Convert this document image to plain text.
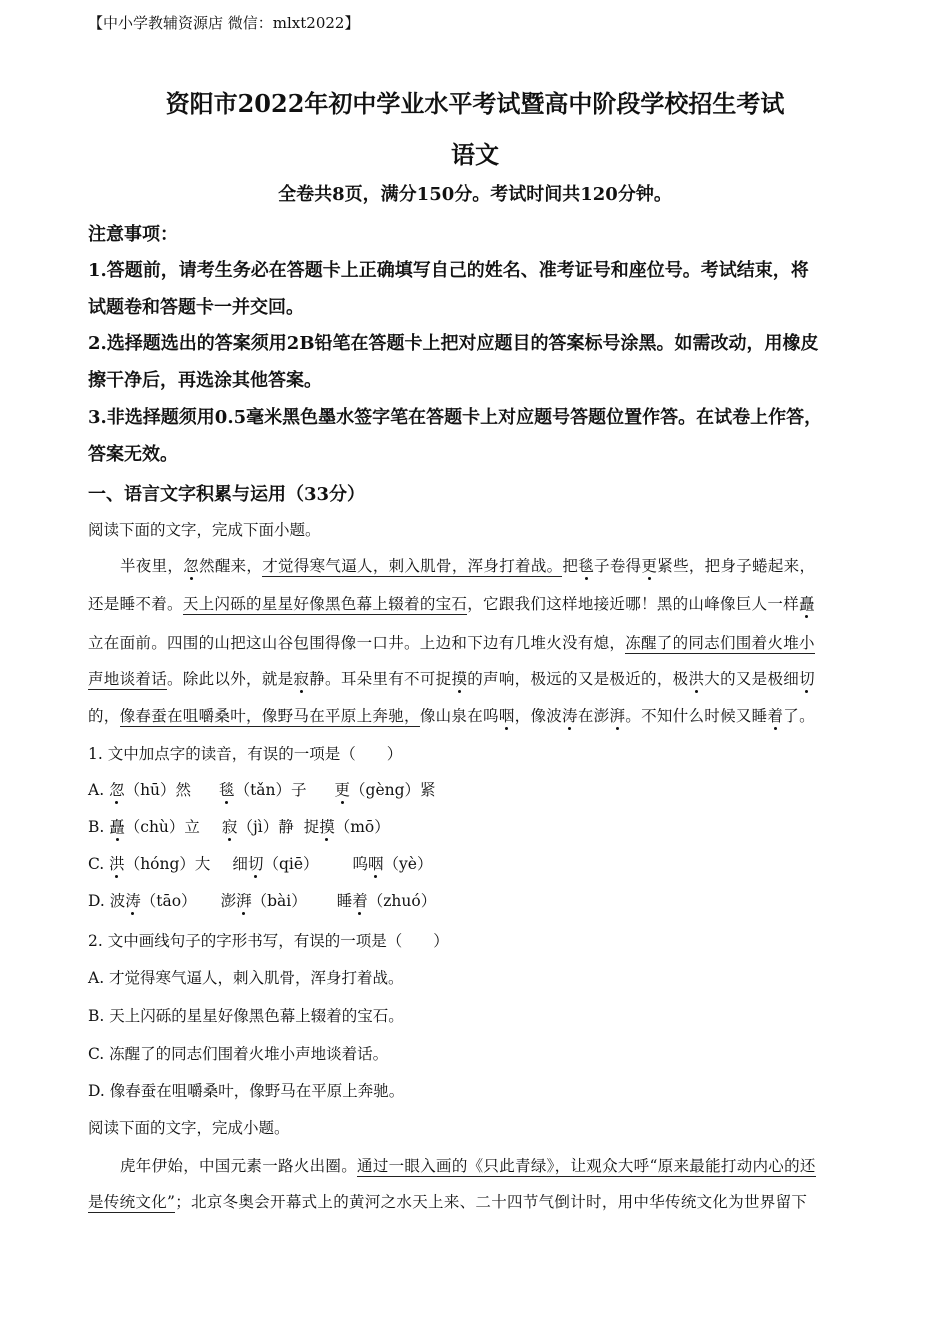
【中小学教辅资源店 微信：mlxt2022】
资阳市2022年初中学业水平考试暨高中阶段学校招生考试
语文
全卷共8页，满分150分。考试时间共120分钟。
注意事项：
1.答题前，请考生务必在答题卡上正确填写自己的姓名、准考证号和座位号。考试结束，将
试题卷和答题卡一并交回。
2.选择题选出的答案须用2B铅笔在答题卡上把对应题目的答案标号涂黑。如需改动，用橡皮
擦干净后，再选涂其他答案。
3.非选择题须用0.5毫米黑色墨水签字笔在答题卡上对应题号答题位置作答。在试卷上作答，
答案无效。
一、语言文字积累与运用（33分）
阅读下面的文字，完成下面小题。
半夜里，忽然醒来，才觉得寒气逼人，刺入肌骨，浑身打着战。把毯子卷得更紧些，把身子蜷起来，
还是睡不着。天上闪砾的星星好像黑色幕上辍着的宝石，它跟我们这样地接近哪！黑的山峰像巨人一样矗
立在面前。四围的山把这山谷包围得像一口井。上边和下边有几堆火没有熄，冻醒了的同志们围着火堆小
声地谈着话。除此以外，就是寂静。耳朵里有不可捉摸的声响，极远的又是极近的，极洪大的又是极细切
的，像春蚕在咀嚼桑叶，像野马在平原上奔驰，像山泉在呜咽，像波涛在澎湃。不知什么时候又睡着了。
1. 文中加点字的读音，有误的一项是（　　）
A. 忽（hū）然 毯（tǎn）子 更（gèng）紧
B. 矗（chù）立 寂（jì）静 捉摸（mō）
C. 洪（hóng）大 细切（qiē） 呜咽（yè）
D. 波涛（tāo） 澎湃（bài） 睡着（zhuó）
2. 文中画线句子的字形书写，有误的一项是（　　）
A. 才觉得寒气逼人，刺入肌骨，浑身打着战。
B. 天上闪砾的星星好像黑色幕上辍着的宝石。
C. 冻醒了的同志们围着火堆小声地谈着话。
D. 像春蚕在咀嚼桑叶，像野马在平原上奔驰。
阅读下面的文字，完成小题。
虎年伊始，中国元素一路火出圈。通过一眼入画的《只此青绿》，让观众大呼“原来最能打动内心的还
是传统文化”；北京冬奥会开幕式上的黄河之水天上来、二十四节气倒计时，用中华传统文化为世界留下
